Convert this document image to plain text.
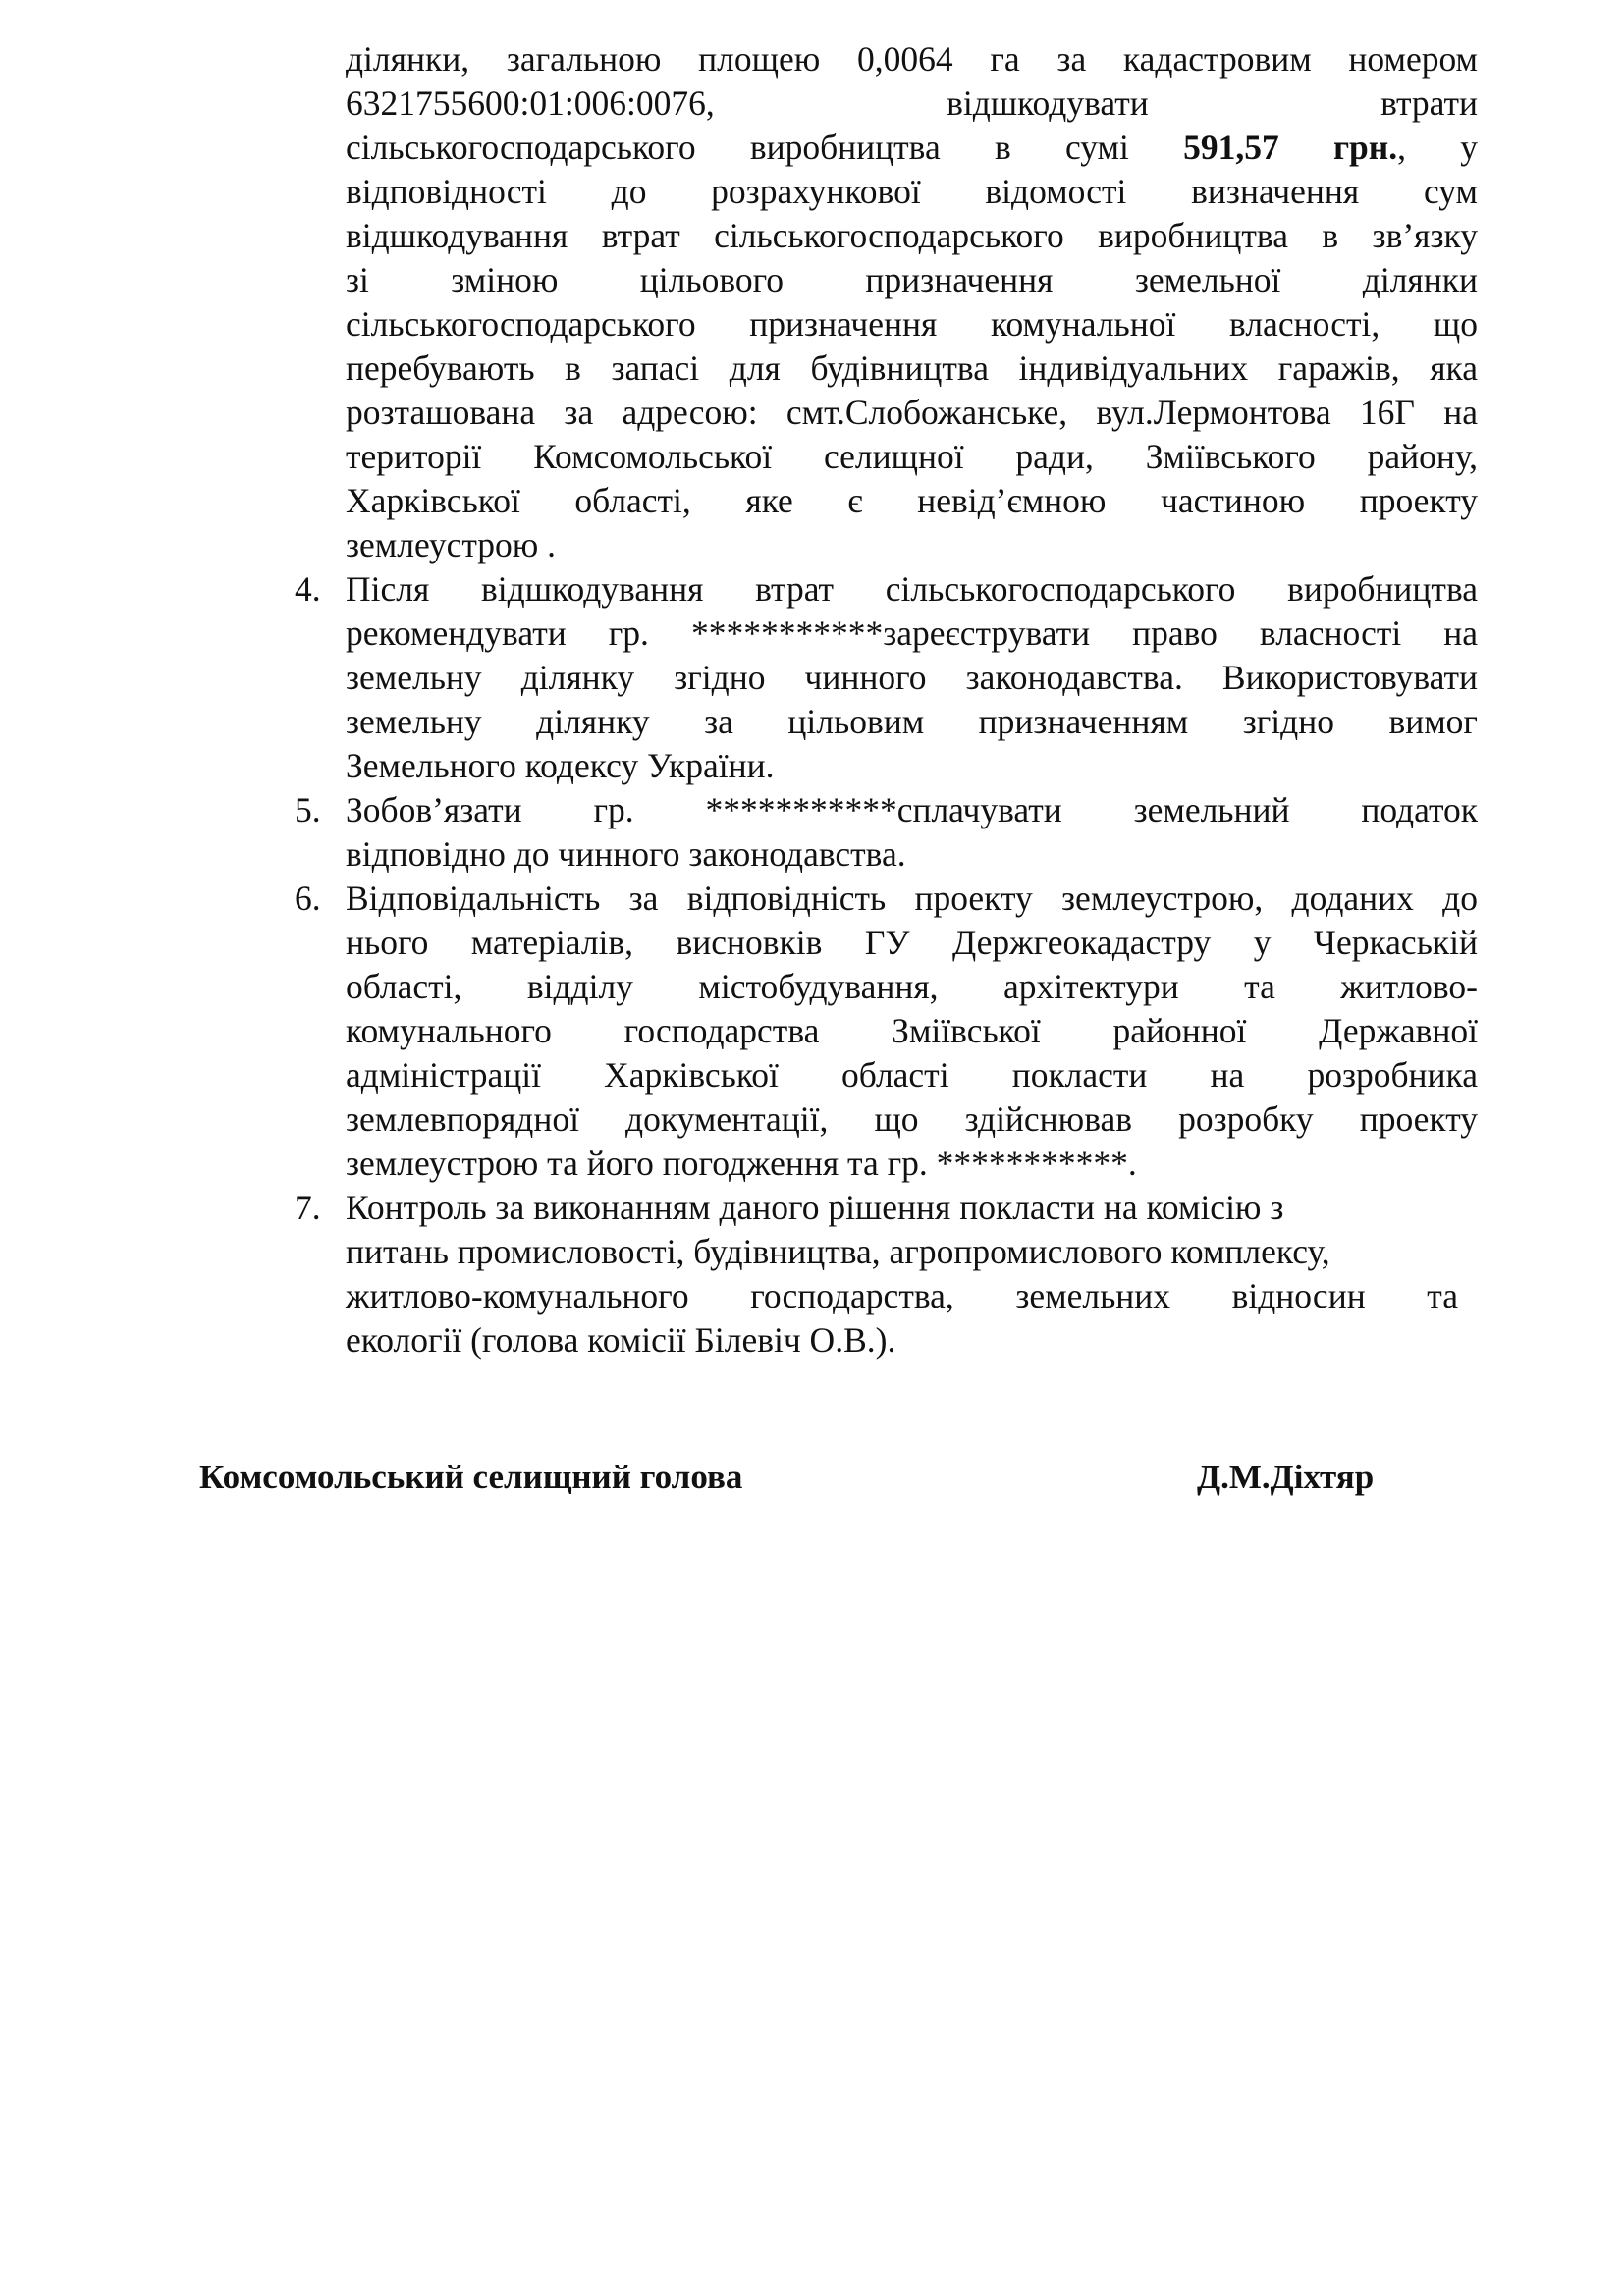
ділянки, загальною площею 0,0064 га за кадастровим номером
6321755600:01:006:0076, відшкодувати втрати
сільськогосподарського виробництва в сумі 591,57 грн., у
відповідності до розрахункової відомості визначення сум
відшкодування втрат сільськогосподарського виробництва в зв’язку
зі зміною цільового призначення земельної ділянки
сільськогосподарського призначення комунальної власності, що
перебувають в запасі для будівництва індивідуальних гаражів, яка
розташована за адресою: смт.Слобожанське, вул.Лермонтова 16Г на
території Комсомольської селищної ради, Зміївського району,
Харківської області, яке є невід’ємною частиною проекту
землеустрою .
4. Після відшкодування втрат сільськогосподарського виробництва
рекомендувати гр. ***********зареєструвати право власності на
земельну ділянку згідно чинного законодавства. Використовувати
земельну ділянку за цільовим призначенням згідно вимог
Земельного кодексу України.
5. Зобов’язати гр. ***********сплачувати земельний податок
відповідно до чинного законодавства.
6. Відповідальність за відповідність проекту землеустрою, доданих до
нього матеріалів, висновків ГУ Держгеокадастру у Черкаській
області, відділу містобудування, архітектури та житлово-
комунального господарства Зміївської районної Державної
адміністрації Харківської області покласти на розробника
землевпорядної документації, що здійснював розробку проекту
землеустрою та його погодження та гр. ***********.
7. Контроль за виконанням даного рішення покласти на комісію з
питань промисловості, будівництва, агропромислового комплексу,
житлово-комунального господарства, земельних відносин та
екології (голова комісії Білевіч О.В.).
Комсомольський селищний голова	Д.М.Діхтяр
